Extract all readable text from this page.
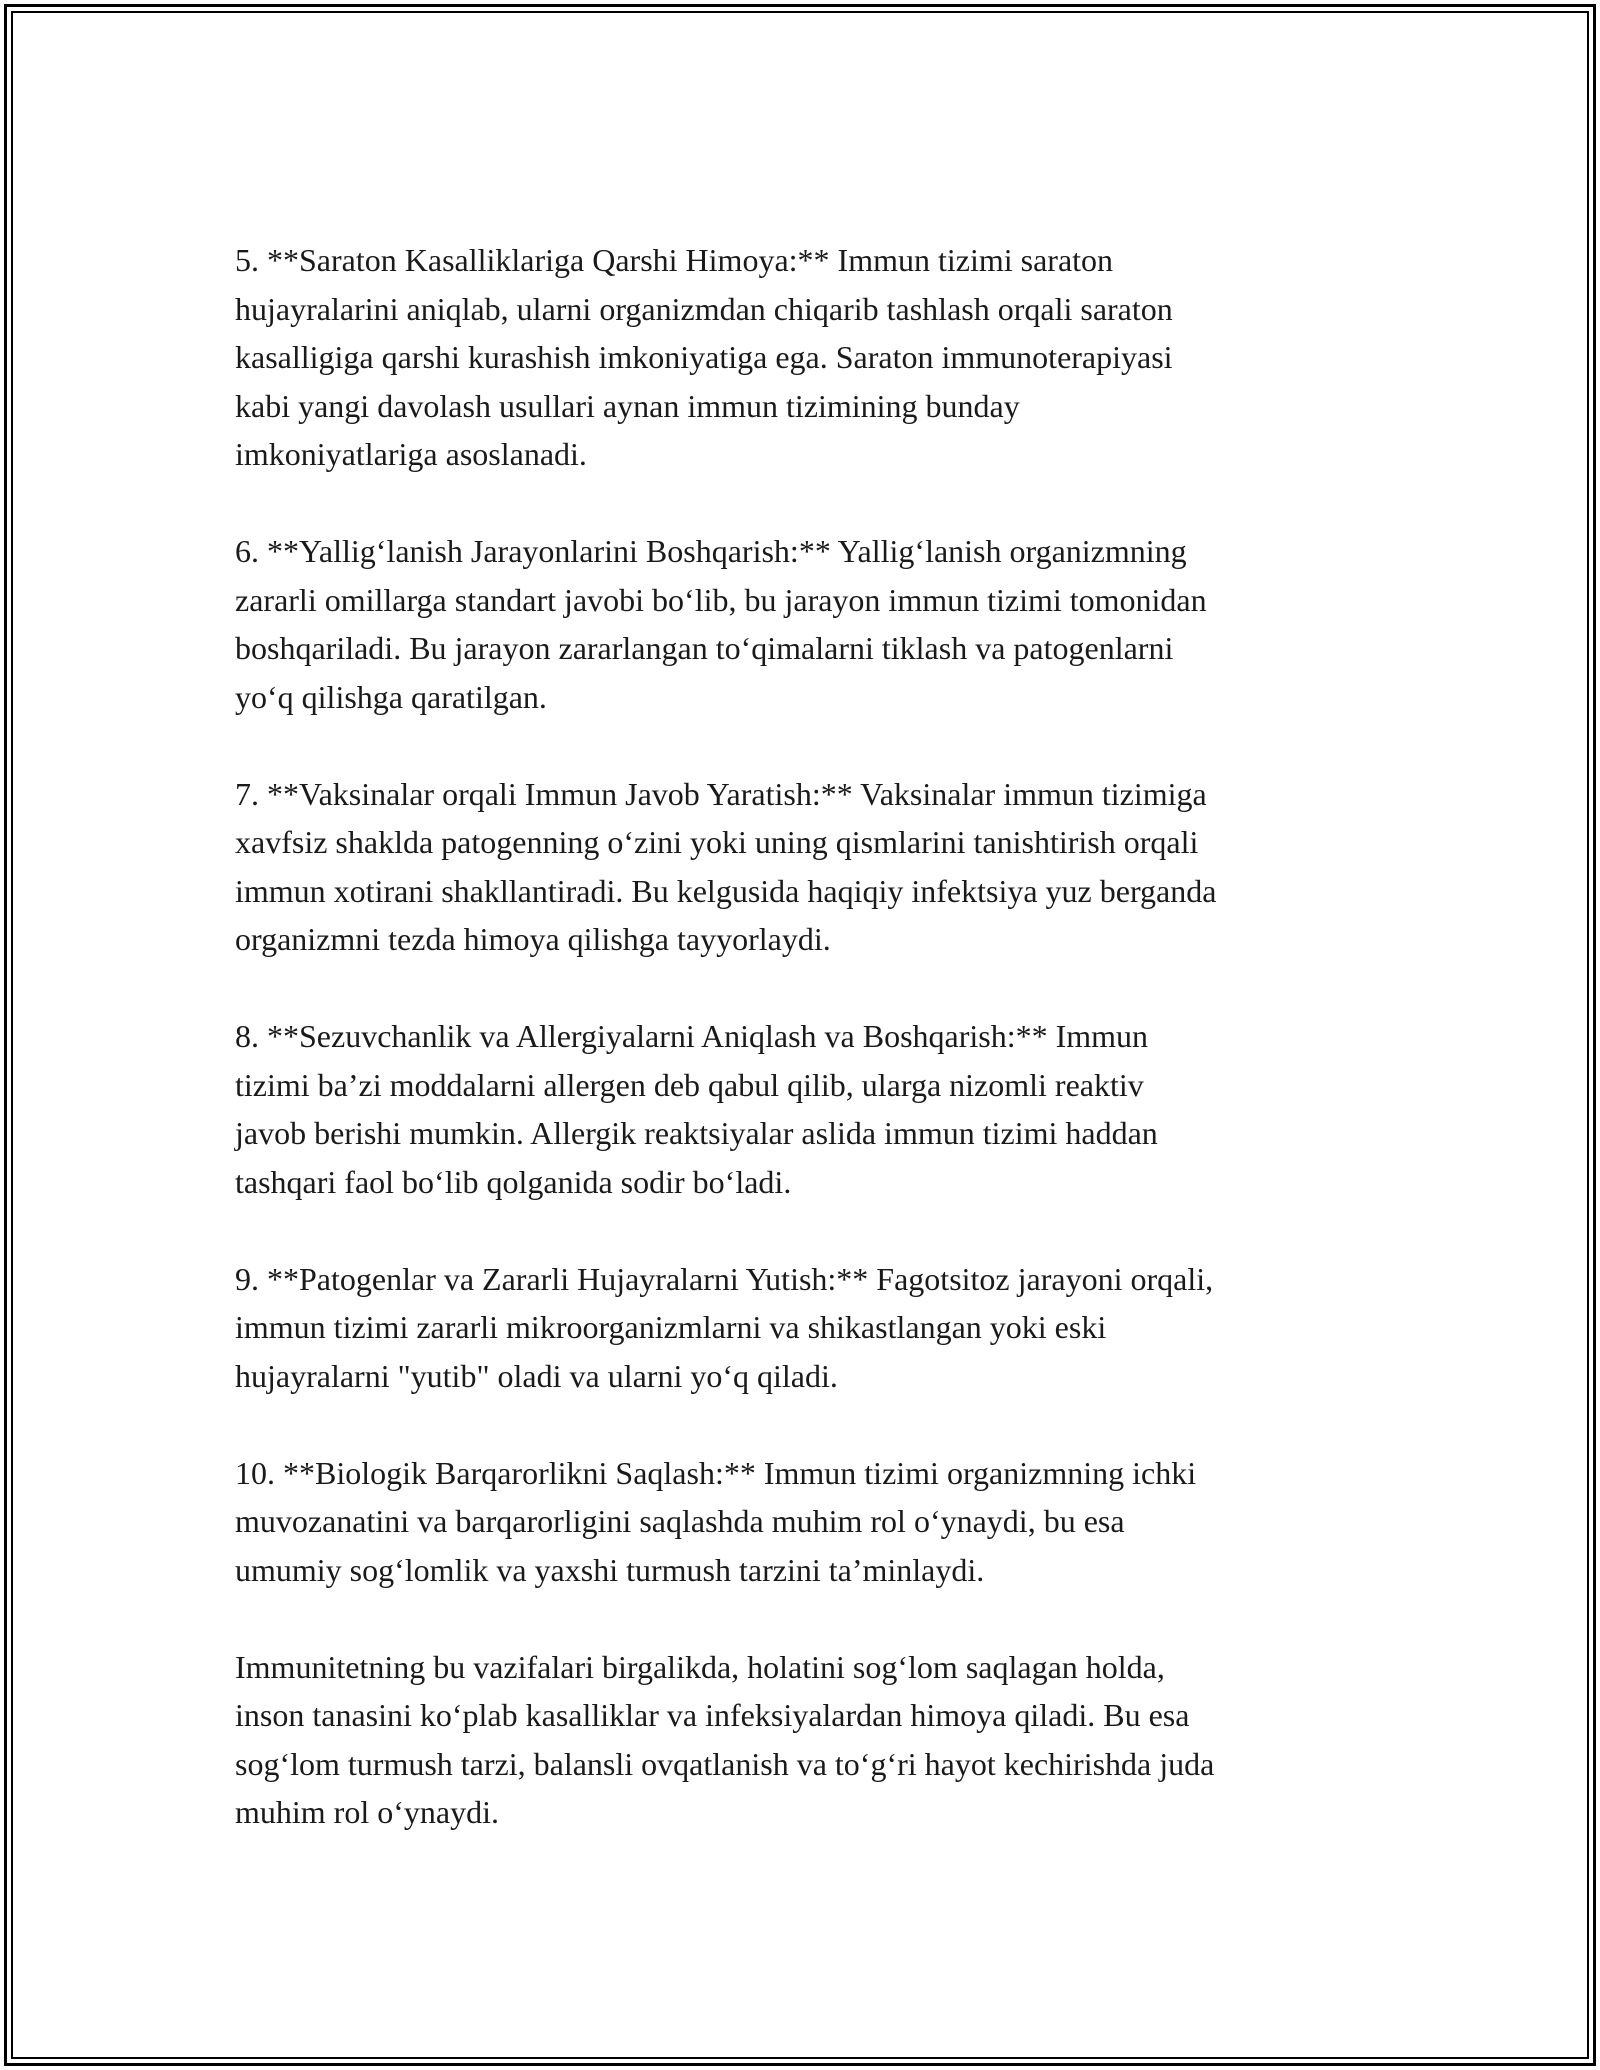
5. **Saraton Kasalliklariga Qarshi Himoya:** Immun tizimi saraton
hujayralarini aniqlab, ularni organizmdan chiqarib tashlash orqali saraton
kasalligiga qarshi kurashish imkoniyatiga ega. Saraton immunoterapiyasi
kabi yangi davolash usullari aynan immun tizimining bunday
imkoniyatlariga asoslanadi.

6. **Yallig‘lanish Jarayonlarini Boshqarish:** Yallig‘lanish organizmning
zararli omillarga standart javobi bo‘lib, bu jarayon immun tizimi tomonidan
boshqariladi. Bu jarayon zararlangan to‘qimalarni tiklash va patogenlarni
yo‘q qilishga qaratilgan.

7. **Vaksinalar orqali Immun Javob Yaratish:** Vaksinalar immun tizimiga
xavfsiz shaklda patogenning o‘zini yoki uning qismlarini tanishtirish orqali
immun xotirani shakllantiradi. Bu kelgusida haqiqiy infektsiya yuz berganda
organizmni tezda himoya qilishga tayyorlaydi.

8. **Sezuvchanlik va Allergiyalarni Aniqlash va Boshqarish:** Immun
tizimi ba’zi moddalarni allergen deb qabul qilib, ularga nizomli reaktiv
javob berishi mumkin. Allergik reaktsiyalar aslida immun tizimi haddan
tashqari faol bo‘lib qolganida sodir bo‘ladi.

9. **Patogenlar va Zararli Hujayralarni Yutish:** Fagotsitoz jarayoni orqali,
immun tizimi zararli mikroorganizmlarni va shikastlangan yoki eski
hujayralarni "yutib" oladi va ularni yo‘q qiladi.

10. **Biologik Barqarorlikni Saqlash:** Immun tizimi organizmning ichki
muvozanatini va barqarorligini saqlashda muhim rol o‘ynaydi, bu esa
umumiy sog‘lomlik va yaxshi turmush tarzini ta’minlaydi.

Immunitetning bu vazifalari birgalikda, holatini sog‘lom saqlagan holda,
inson tanasini ko‘plab kasalliklar va infeksiyalardan himoya qiladi. Bu esa
sog‘lom turmush tarzi, balansli ovqatlanish va to‘g‘ri hayot kechirishda juda
muhim rol o‘ynaydi.
